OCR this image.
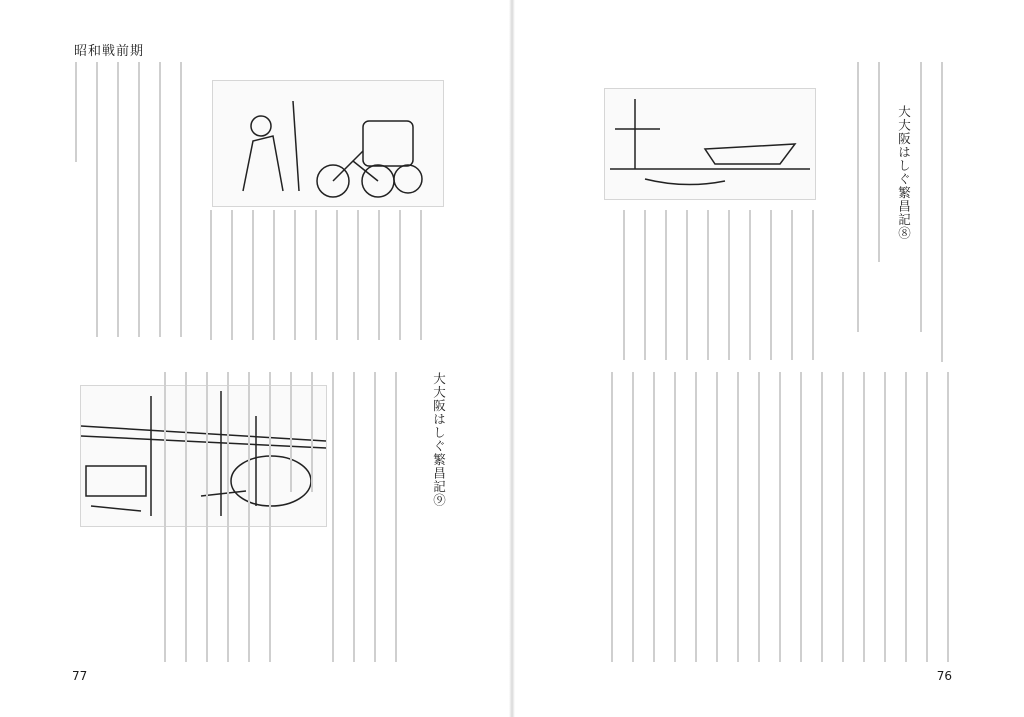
昭和戦前期
大大阪はしぐ繁昌記⑨
77
大大阪はしぐ繁昌記⑧
76
